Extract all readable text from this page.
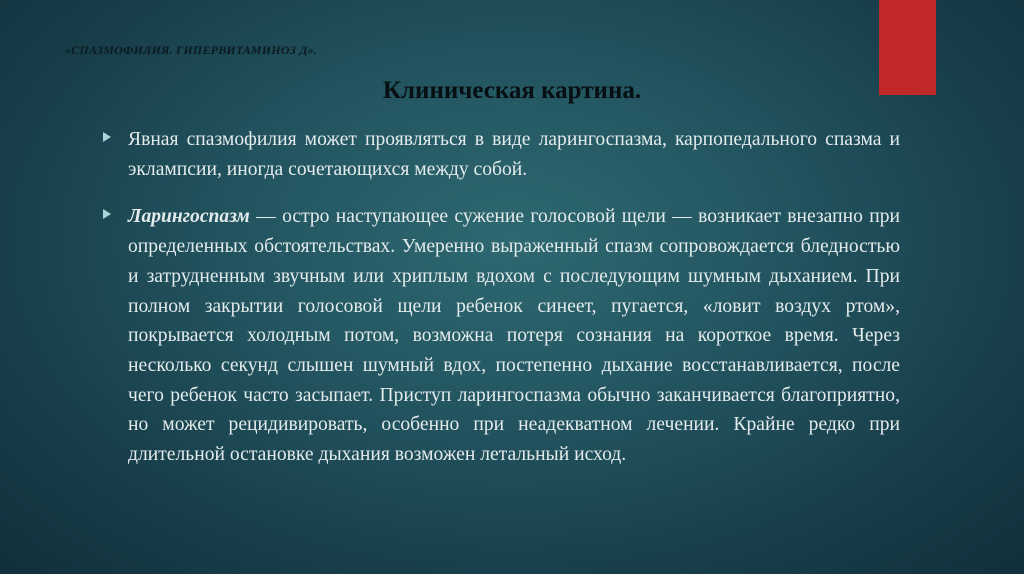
«СПАЗМОФИЛИЯ. ГИПЕРВИТАМИНОЗ Д».
Клиническая картина.
Явная спазмофилия может проявляться в виде ларингоспазма, карпопедального спазма и эклампсии, иногда сочетающихся между собой.
Ларингоспазм — остро наступающее сужение голосовой щели — возникает внезапно при определенных обстоятельствах. Умеренно выраженный спазм сопровождается бледностью и затрудненным звучным или хриплым вдохом с последующим шумным дыханием. При полном закрытии голосовой щели ребенок синеет, пугается, «ловит воздух ртом», покрывается холодным потом, возможна потеря сознания на короткое время. Через несколько секунд слышен шумный вдох, постепенно дыхание восстанавливается, после чего ребенок часто засыпает. Приступ ларингоспазма обычно заканчивается благоприятно, но может рецидивировать, особенно при неадекватном лечении. Крайне редко при длительной остановке дыхания возможен летальный исход.
